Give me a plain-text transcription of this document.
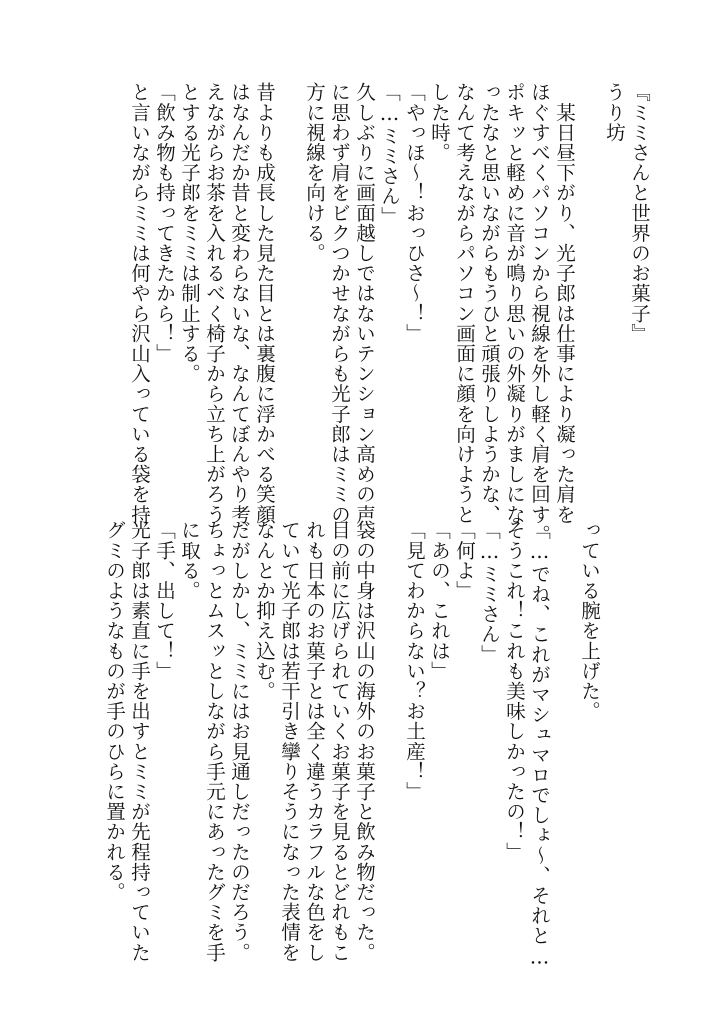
『ミミさんと世界のお菓子』

うり坊

　某日昼下がり、光子郎は仕事により凝った肩を

ほぐすべくパソコンから視線を外し軽く肩を回す。

ポキッと軽めに音が鳴り思いの外凝りがましにな

ったなと思いながらもうひと頑張りしようかな、

なんて考えながらパソコン画面に顔を向けようと

した時。

「やっほ〜！おっひさ〜！」

「…ミミさん」

久しぶりに画面越しではないテンション高めの声

に思わず肩をビクつかせながらも光子郎はミミの

方に視線を向ける。

昔よりも成長した見た目とは裏腹に浮かべる笑顔

はなんだか昔と変わらないな、なんてぼんやり考

えながらお茶を入れるべく椅子から立ち上がろう

とする光子郎をミミは制止する。

「飲み物も持ってきたから！」

と言いながらミミは何やら沢山入っている袋を持

っている腕を上げた。

「…でね、これがマシュマロでしょ〜、それと…

そうこれ！これも美味しかったの！」

「…ミミさん」

「何よ」

「あの、これは」

「見てわからない？お土産！」

袋の中身は沢山の海外のお菓子と飲み物だった。

目の前に広げられていくお菓子を見るとどれもこ

れも日本のお菓子とは全く違うカラフルな色をし

ていて光子郎は若干引き攣りそうになった表情を

なんとか抑え込む。

だがしかし、ミミにはお見通しだったのだろう。

ちょっとムスッとしながら手元にあったグミを手

に取る。

「手、出して！」

光子郎は素直に手を出すとミミが先程持っていた

グミのようなものが手のひらに置かれる。
